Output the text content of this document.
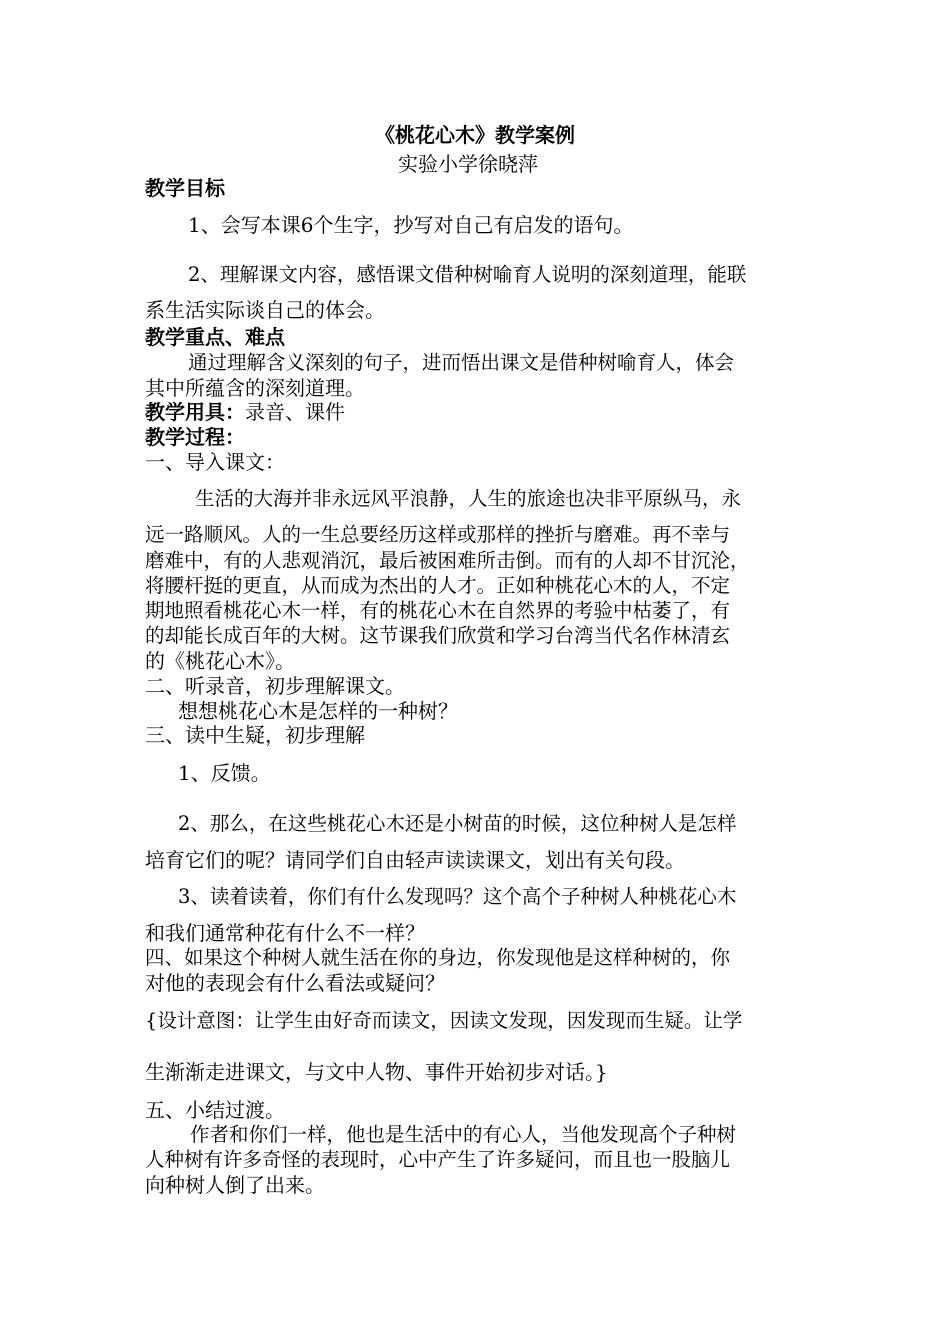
《桃花心木》教学案例
实验小学徐晓萍
教学目标
1、会写本课6个生字，抄写对自己有启发的语句。
2、理解课文内容，感悟课文借种树喻育人说明的深刻道理，能联
系生活实际谈自己的体会。
教学重点、难点
通过理解含义深刻的句子，进而悟出课文是借种树喻育人，体会
其中所蕴含的深刻道理。
教学用具：录音、课件
教学过程：
一、导入课文：
生活的大海并非永远风平浪静，人生的旅途也决非平原纵马，永
远一路顺风。人的一生总要经历这样或那样的挫折与磨难。再不幸与
磨难中，有的人悲观消沉，最后被困难所击倒。而有的人却不甘沉沦，
将腰杆挺的更直，从而成为杰出的人才。正如种桃花心木的人，不定
期地照看桃花心木一样，有的桃花心木在自然界的考验中枯萎了，有
的却能长成百年的大树。这节课我们欣赏和学习台湾当代名作林清玄
的《桃花心木》。
二、听录音，初步理解课文。
想想桃花心木是怎样的一种树？
三、读中生疑，初步理解
1、反馈。
2、那么，在这些桃花心木还是小树苗的时候，这位种树人是怎样
培育它们的呢？请同学们自由轻声读读课文，划出有关句段。
3、读着读着，你们有什么发现吗？这个高个子种树人种桃花心木
和我们通常种花有什么不一样？
四、如果这个种树人就生活在你的身边，你发现他是这样种树的，你
对他的表现会有什么看法或疑问？
{设计意图：让学生由好奇而读文，因读文发现，因发现而生疑。让学
生渐渐走进课文，与文中人物、事件开始初步对话。}
五、小结过渡。
作者和你们一样，他也是生活中的有心人，当他发现高个子种树
人种树有许多奇怪的表现时，心中产生了许多疑问，而且也一股脑儿
向种树人倒了出来。
